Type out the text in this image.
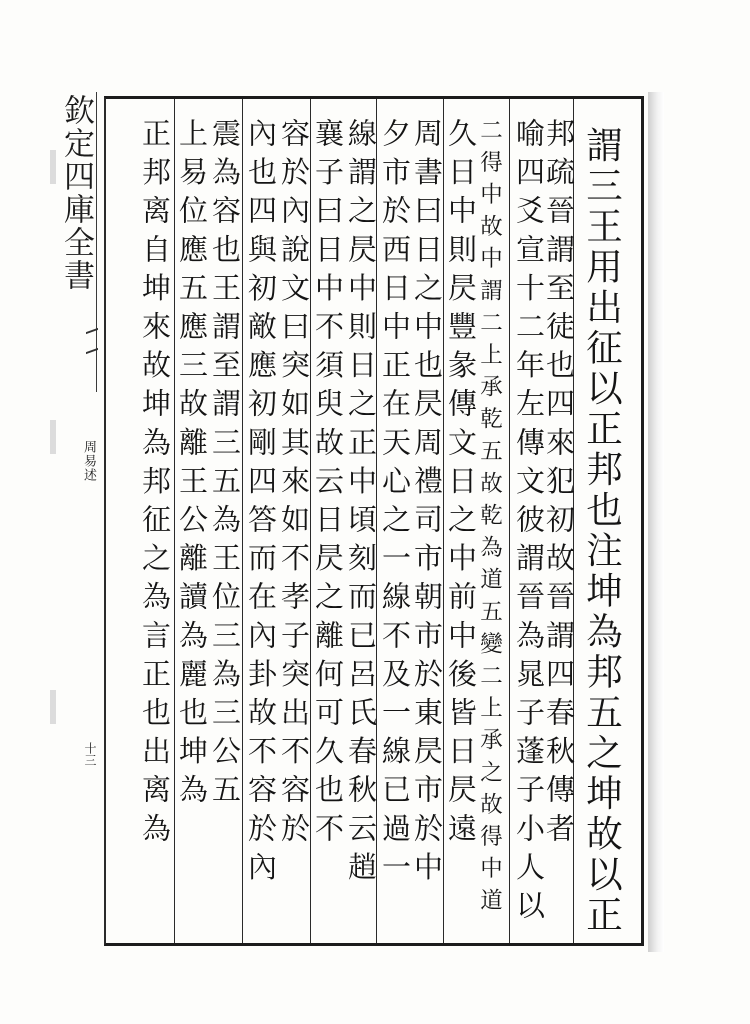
欽定四庫全書
周易述
十三	謂三王用出征以正邦也注坤為邦五之坤故以正
邦疏晉謂至徒也四來犯初故晉謂四春秋傳者
喻四爻宣十二年左傳文彼謂晉為晁子蓬子小人以
二得中故中謂二上承乾五故乾為道五變二上承之故得中道
久日中則昃豐彖傳文日之中前中後皆日昃遠
周書曰日之中也昃周禮司市朝市於東昃市於中
夕市於西日中正在天心之一線不及一線已過一
線謂之昃中則日之正中頃刻而已呂氏春秋云趙
襄子曰日中不須臾故云日昃之離何可久也不
容於內說文曰突如其來如不孝子突出不容於
內也四與初敵應初剛四答而在內卦故不容於內
震為容也王謂至謂三五為王位三為三公五
上易位應五應三故離王公離讀為麗也坤為
正邦离自坤來故坤為邦征之為言正也出离為
